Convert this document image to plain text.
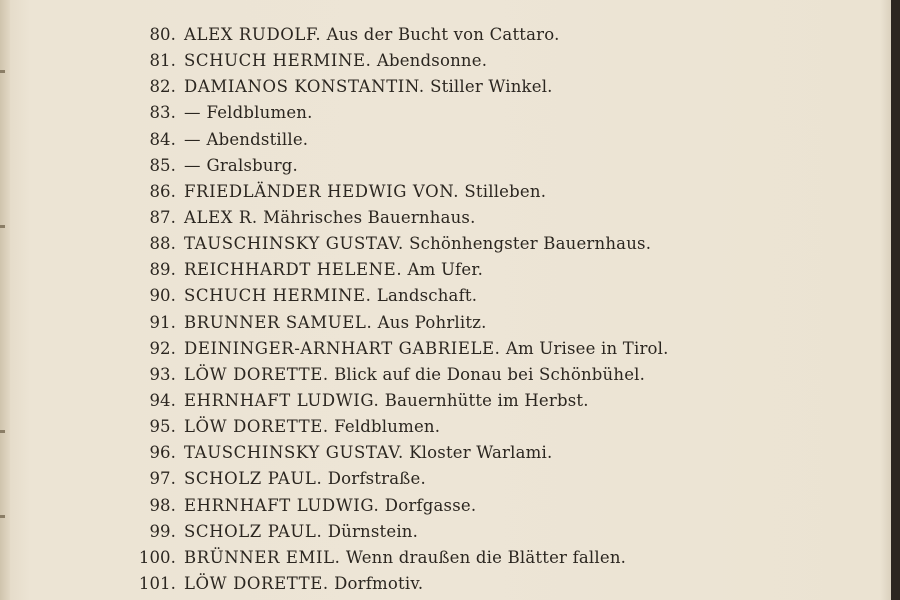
80. ALEX RUDOLF. Aus der Bucht von Cattaro.
81. SCHUCH HERMINE. Abendsonne.
82. DAMIANOS KONSTANTIN. Stiller Winkel.
83. — Feldblumen.
84. — Abendstille.
85. — Gralsburg.
86. FRIEDLÄNDER HEDWIG VON. Stilleben.
87. ALEX R. Mährisches Bauernhaus.
88. TAUSCHINSKY GUSTAV. Schönhengster Bauernhaus.
89. REICHHARDT HELENE. Am Ufer.
90. SCHUCH HERMINE. Landschaft.
91. BRUNNER SAMUEL. Aus Pohrlitz.
92. DEININGER-ARNHART GABRIELE. Am Urisee in Tirol.
93. LÖW DORETTE. Blick auf die Donau bei Schönbühel.
94. EHRNHAFT LUDWIG. Bauernhütte im Herbst.
95. LÖW DORETTE. Feldblumen.
96. TAUSCHINSKY GUSTAV. Kloster Warlami.
97. SCHOLZ PAUL. Dorfstraße.
98. EHRNHAFT LUDWIG. Dorfgasse.
99. SCHOLZ PAUL. Dürnstein.
100. BRÜNNER EMIL. Wenn draußen die Blätter fallen.
101. LÖW DORETTE. Dorfmotiv.
